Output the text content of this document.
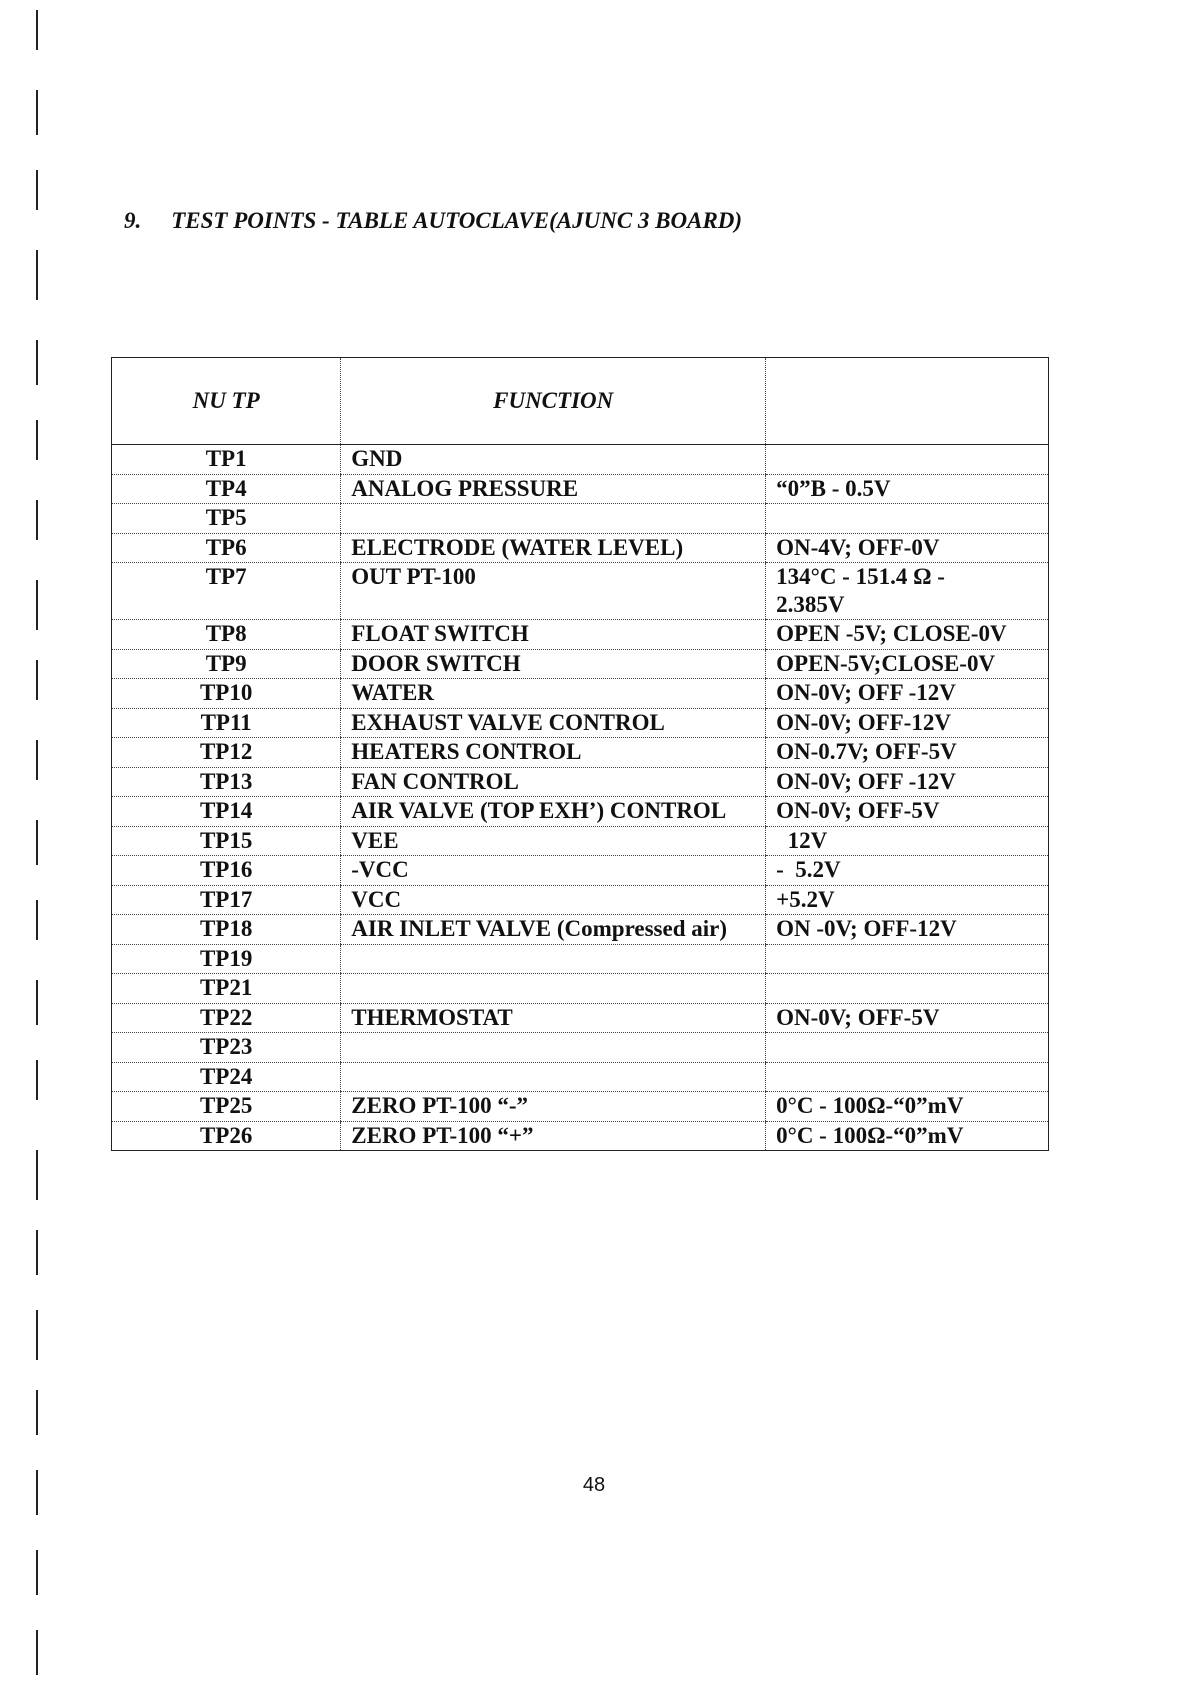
9. TEST POINTS - TABLE AUTOCLAVE(AJUNC 3 BOARD)
NU TP	FUNCTION	
TP1	GND	

TP4	ANALOG PRESSURE	“0”B - 0.5V

TP5		

TP6	ELECTRODE (WATER LEVEL)	ON-4V; OFF-0V

TP7	OUT PT-100	134°C - 151.4 Ω -
2.385V

TP8	FLOAT SWITCH	OPEN -5V; CLOSE-0V

TP9	DOOR SWITCH	OPEN-5V;CLOSE-0V

TP10	WATER	ON-0V; OFF -12V

TP11	EXHAUST VALVE CONTROL	ON-0V; OFF-12V

TP12	HEATERS CONTROL	ON-0.7V; OFF-5V

TP13	FAN CONTROL	ON-0V; OFF -12V

TP14	AIR VALVE (TOP EXH’) CONTROL	ON-0V; OFF-5V

TP15	VEE	12V

TP16	-VCC	-  5.2V

TP17	VCC	+5.2V

TP18	AIR INLET VALVE (Compressed air)	ON -0V; OFF-12V

TP19		

TP21		

TP22	THERMOSTAT	ON-0V; OFF-5V

TP23		

TP24		

TP25	ZERO PT-100 “-”	0°C - 100Ω-“0”mV

TP26	ZERO PT-100 “+”	0°C - 100Ω-“0”mV
48
